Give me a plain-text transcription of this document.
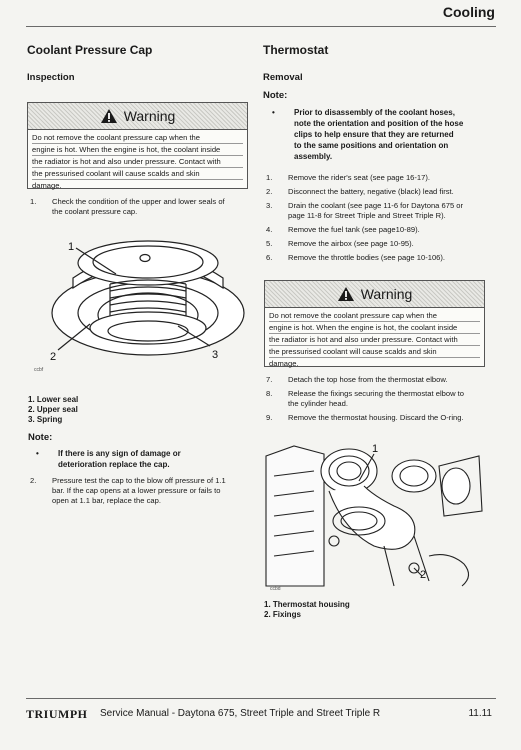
Cooling
Coolant Pressure Cap
Inspection
Warning
Do not remove the coolant pressure cap when the
engine is hot. When the engine is hot, the coolant inside
the radiator is hot and also under pressure. Contact with
the pressurised coolant will cause scalds and skin
damage.
1. Check the condition of the upper and lower seals of
the coolant pressure cap.
1
2	3
ccbf
1. Lower seal
2. Upper seal
3. Spring
Note:
• If there is any sign of damage or
deterioration replace the cap.
2. Pressure test the cap to the blow off pressure of 1.1
bar. If the cap opens at a lower pressure or fails to
open at 1.1 bar, replace the cap.
Thermostat
Removal
Note:
• Prior to disassembly of the coolant hoses,
note the orientation and position of the hose
clips to help ensure that they are returned
to the same positions and orientation on
assembly.
1. Remove the rider's seat (see page 16-17).
2. Disconnect the battery, negative (black) lead first.
3. Drain the coolant (see page 11-6 for Daytona 675 or
page 11-8 for Street Triple and Street Triple R).
4. Remove the fuel tank (see page10-89).
5. Remove the airbox (see page 10-95).
6. Remove the throttle bodies (see page 10-106).
Warning
Do not remove the coolant pressure cap when the
engine is hot. When the engine is hot, the coolant inside
the radiator is hot and also under pressure. Contact with
the pressurised coolant will cause scalds and skin
damage.
7. Detach the top hose from the thermostat elbow.
8. Release the fixings securing the thermostat elbow to
the cylinder head.
9. Remove the thermostat housing. Discard the O-ring.
1
2
ccbd
1. Thermostat housing
2. Fixings
TRIUMPH Service Manual - Daytona 675, Street Triple and Street Triple R	11.11
